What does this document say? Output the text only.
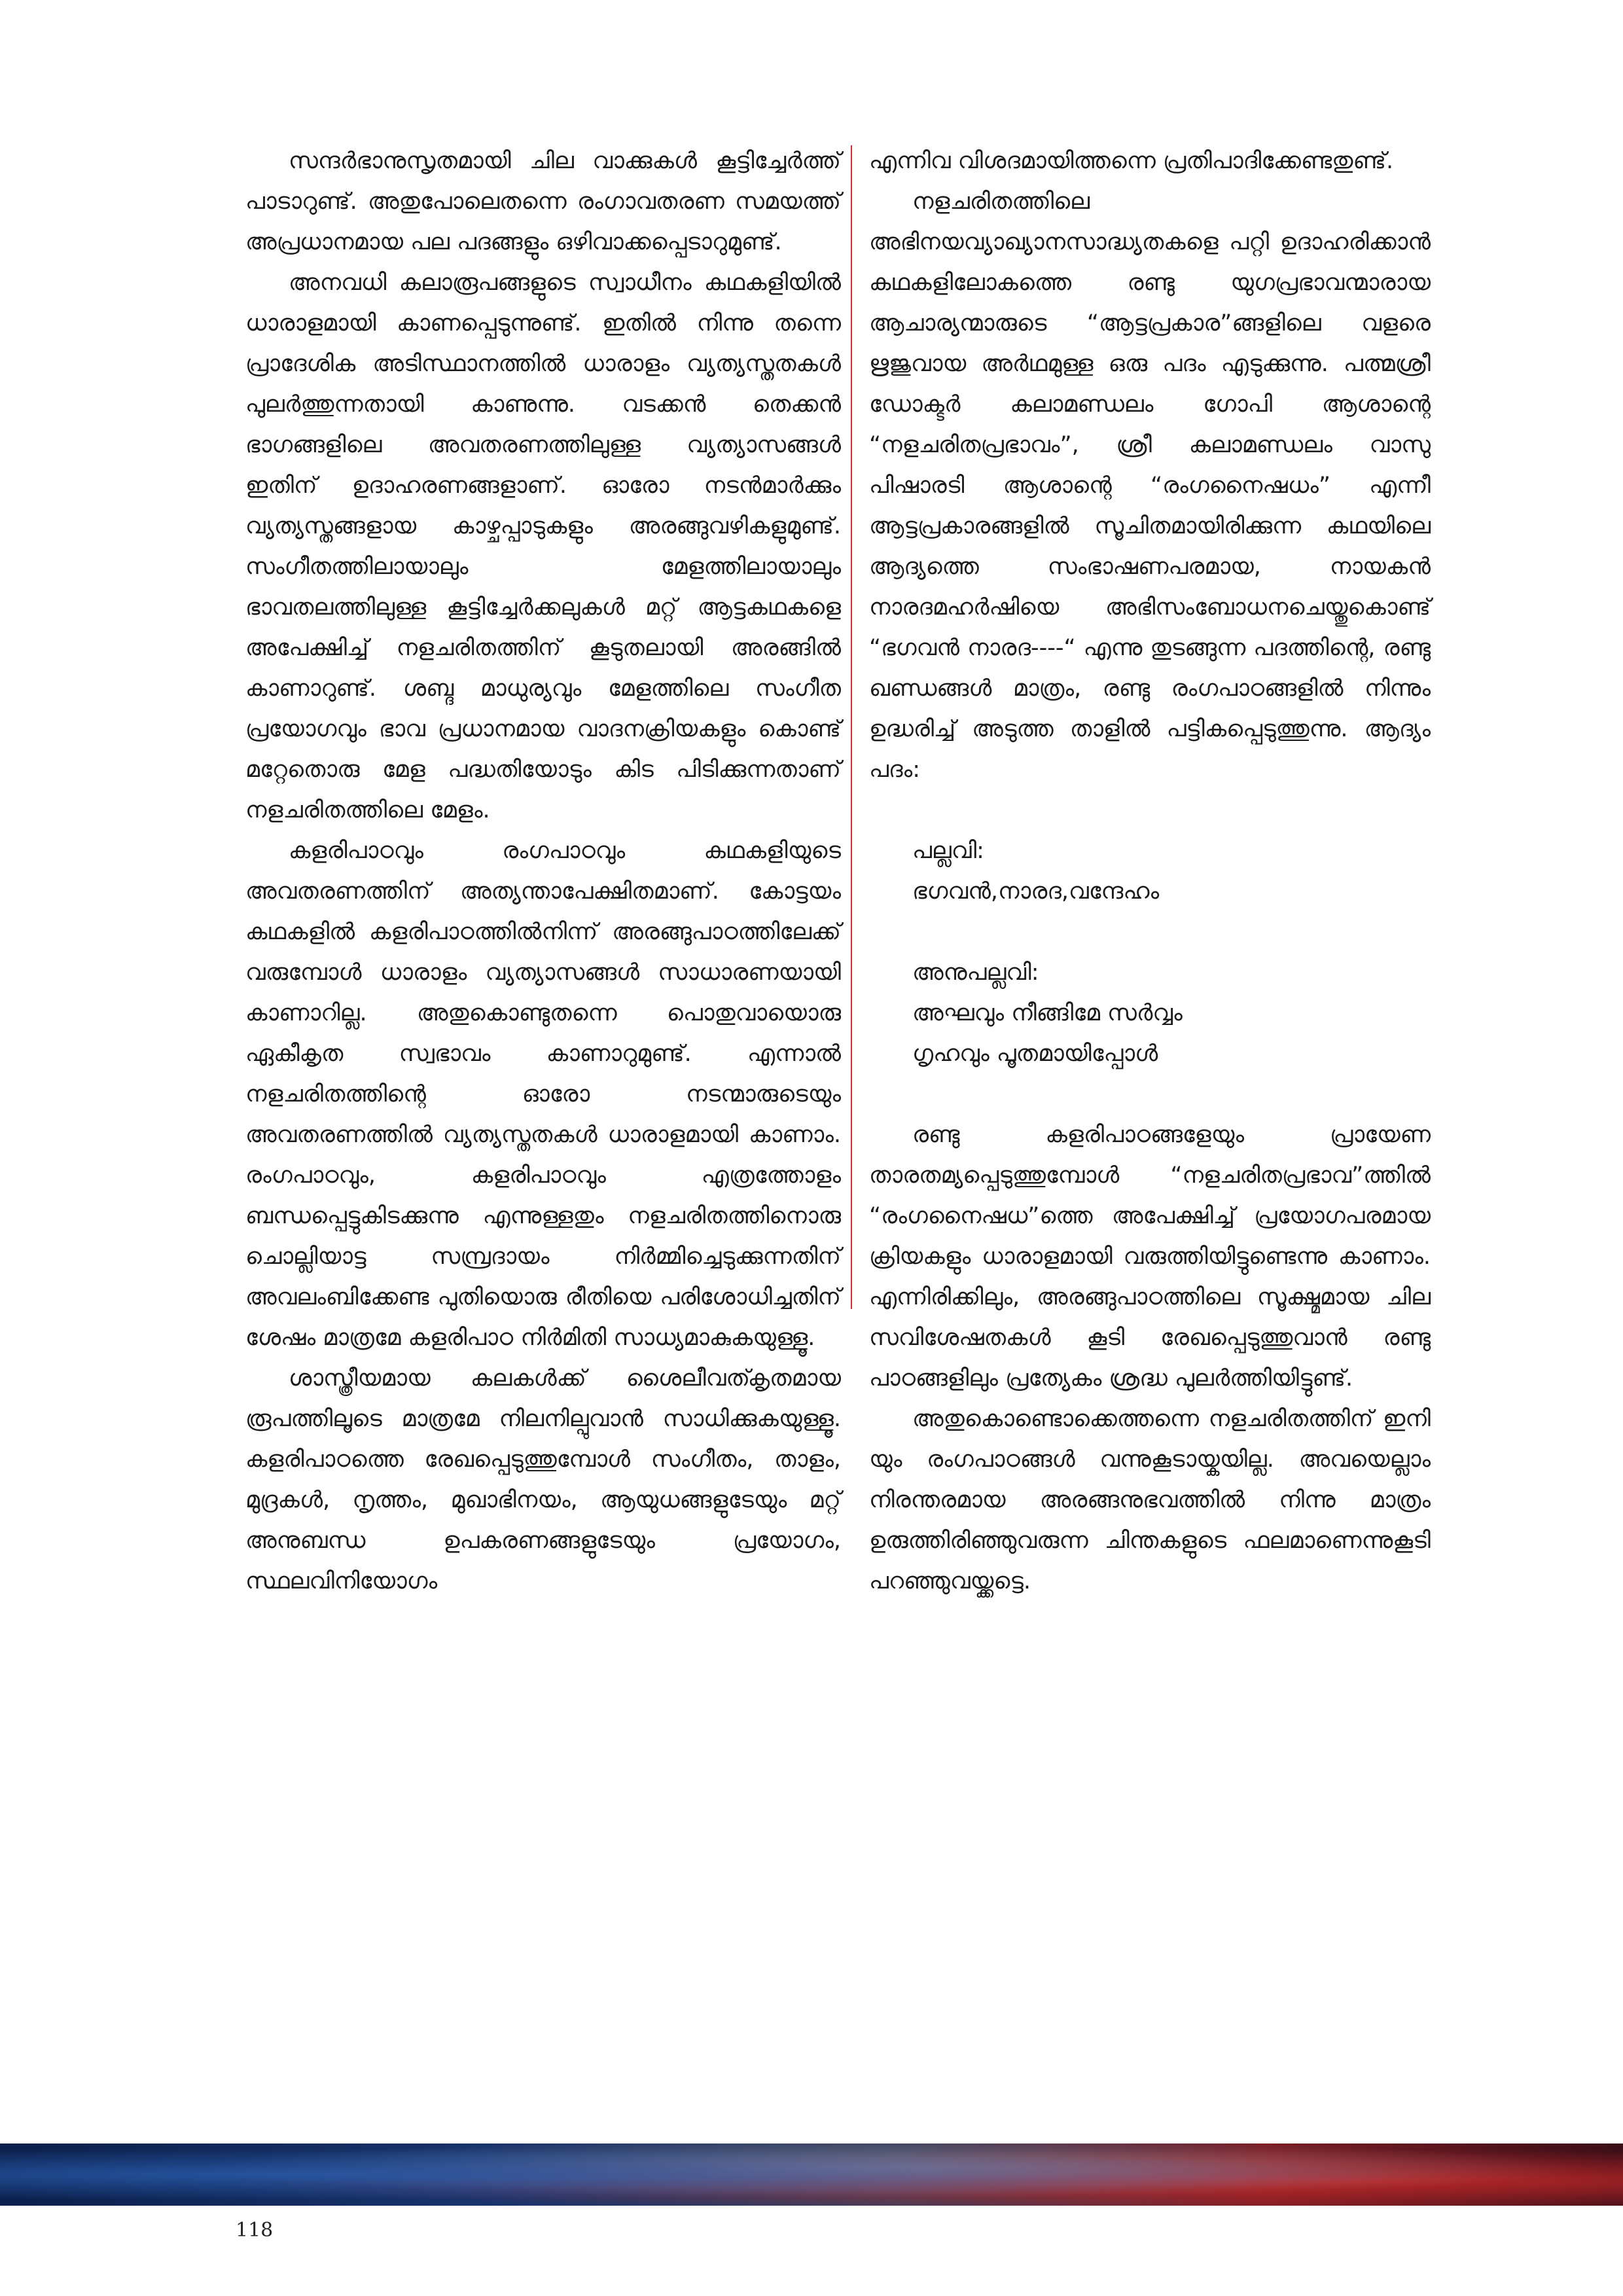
സന്ദർഭാനുസൃതമായി ചില വാക്കുകൾ കൂട്ടിച്ചേർത്ത് പാടാറുണ്ട്. അതുപോലെതന്നെ രംഗാവതരണ സമയത്ത് അപ്രധാനമായ പല പദങ്ങളും ഒഴിവാക്കപ്പെടാറുമുണ്ട്.

അനവധി കലാരൂപങ്ങളുടെ സ്വാധീനം കഥകളിയിൽ ധാരാളമായി കാണപ്പെടുന്നുണ്ട്. ഇതിൽ നിന്നു തന്നെ പ്രാദേശിക അടിസ്ഥാനത്തിൽ ധാരാളം വ്യത്യസ്തതകൾ പുലർത്തുന്നതായി കാണുന്നു. വടക്കൻ തെക്കൻ ഭാഗങ്ങളിലെ അവതരണത്തിലുള്ള വ്യത്യാസങ്ങൾ ഇതിന് ഉദാഹരണങ്ങളാണ്. ഓരോ നടൻമാർക്കും വ്യത്യസ്തങ്ങളായ കാഴ്ചപ്പാടുകളും അരങ്ങുവഴികളുമുണ്ട്. സംഗീതത്തിലായാലും മേളത്തിലായാലും ഭാവതലത്തിലുള്ള കൂട്ടിച്ചേർക്കലുകൾ മറ്റ് ആട്ടകഥകളെ അപേക്ഷിച്ച് നളചരിതത്തിന് കൂടുതലായി അരങ്ങിൽ കാണാറുണ്ട്. ശബ്ദ മാധുര്യവും മേളത്തിലെ സംഗീത പ്രയോഗവും ഭാവ പ്രധാനമായ വാദനക്രിയകളും കൊണ്ട് മറ്റേതൊരു മേള പദ്ധതിയോടും കിട പിടിക്കുന്നതാണ് നളചരിതത്തിലെ മേളം.

കളരിപാഠവും രംഗപാഠവും കഥകളിയുടെ അവതരണത്തിന് അത്യന്താപേക്ഷിതമാണ്. കോട്ടയം കഥകളിൽ കളരിപാഠത്തിൽനിന്ന് അരങ്ങുപാഠത്തിലേക്ക് വരുമ്പോൾ ധാരാളം വ്യത്യാസങ്ങൾ സാധാരണയായി കാണാറില്ല. അതുകൊണ്ടുതന്നെ പൊതുവായൊരു ഏകീകൃത സ്വഭാവം കാണാറുമുണ്ട്. എന്നാൽ നളചരിതത്തിന്റെ ഓരോ നടന്മാരുടെയും അവതരണത്തിൽ വ്യത്യസ്തതകൾ ധാരാളമായി കാണാം. രംഗപാഠവും, കളരിപാഠവും എത്രത്തോളം ബന്ധപ്പെട്ടുകിടക്കുന്നു എന്നുള്ളതും നളചരിതത്തിനൊരു ചൊല്ലിയാട്ട സമ്പ്രദായം നിർമ്മിച്ചെടുക്കുന്നതിന് അവലംബിക്കേണ്ട പുതിയൊരു രീതിയെ പരിശോധിച്ചതിന് ശേഷം മാത്രമേ കളരിപാഠ നിർമിതി സാധ്യമാകുകയുള്ളൂ.

ശാസ്ത്രീയമായ കലകൾക്ക് ശൈലീവത്കൃതമായ രൂപത്തിലൂടെ മാത്രമേ നിലനില്പുവാൻ സാധിക്കുകയുള്ളൂ. കളരിപാഠത്തെ രേഖപ്പെടുത്തുമ്പോൾ സംഗീതം, താളം, മുദ്രകൾ, നൃത്തം, മുഖാഭിനയം, ആയുധങ്ങളുടേയും മറ്റ് അനുബന്ധ ഉപകരണങ്ങളുടേയും പ്രയോഗം, സ്ഥലവിനിയോഗം

എന്നിവ വിശദമായിത്തന്നെ പ്രതിപാദിക്കേണ്ടതുണ്ട്.

നളചരിതത്തിലെ അഭിനയവ്യാഖ്യാനസാദ്ധ്യതകളെ പറ്റി ഉദാഹരിക്കാൻ കഥകളിലോകത്തെ രണ്ടു യുഗപ്രഭാവന്മാരായ ആചാര്യന്മാരുടെ “ആട്ടപ്രകാര”ങ്ങളിലെ വളരെ ഋജുവായ അർഥമുള്ള ഒരു പദം എടുക്കുന്നു. പത്മശ്രീ ഡോക്ടർ കലാമണ്ഡലം ഗോപി ആശാന്റെ “നളചരിതപ്രഭാവം”, ശ്രീ കലാമണ്ഡലം വാസു പിഷാരടി ആശാന്റെ “രംഗനൈഷധം” എന്നീ ആട്ടപ്രകാരങ്ങളിൽ സൂചിതമായിരിക്കുന്ന കഥയിലെ ആദ്യത്തെ സംഭാഷണപരമായ, നായകൻ നാരദമഹർഷിയെ അഭിസംബോധനചെയ്തുകൊണ്ട് “ഭഗവൻ നാരദ----“ എന്നു തുടങ്ങുന്ന പദത്തിന്റെ, രണ്ടു ഖണ്ഡങ്ങൾ മാത്രം, രണ്ടു രംഗപാഠങ്ങളിൽ നിന്നും ഉദ്ധരിച്ച് അടുത്ത താളിൽ പട്ടികപ്പെടുത്തുന്നു. ആദ്യം പദം:

പല്ലവി:

ഭഗവൻ,നാരദ,വന്ദേഹം

അനുപല്ലവി:

അഘവും നീങ്ങിമേ സർവ്വം

ഗൃഹവും പൂതമായിപ്പോൾ

രണ്ടു കളരിപാഠങ്ങളേയും പ്രായേണ താരതമ്യപ്പെടുത്തുമ്പോൾ “നളചരിതപ്രഭാവ”ത്തിൽ “രംഗനൈഷധ”ത്തെ അപേക്ഷിച്ച് പ്രയോഗപരമായ ക്രിയകളും ധാരാളമായി വരുത്തിയിട്ടുണ്ടെന്നു കാണാം. എന്നിരിക്കിലും, അരങ്ങുപാഠത്തിലെ സൂക്ഷ്മമായ ചില സവിശേഷതകൾ കൂടി രേഖപ്പെടുത്തുവാൻ രണ്ടു പാഠങ്ങളിലും പ്രത്യേകം ശ്രദ്ധ പുലർത്തിയിട്ടുണ്ട്.

അതുകൊണ്ടൊക്കെത്തന്നെ നളചരിതത്തിന് ഇനി യും രംഗപാഠങ്ങൾ വന്നുകൂടായ്കയില്ല. അവയെല്ലാം നിരന്തരമായ അരങ്ങനുഭവത്തിൽ നിന്നു മാത്രം ഉരുത്തിരിഞ്ഞുവരുന്ന ചിന്തകളുടെ ഫലമാണെന്നുകൂടി പറഞ്ഞുവയ്ക്കട്ടെ.

118
